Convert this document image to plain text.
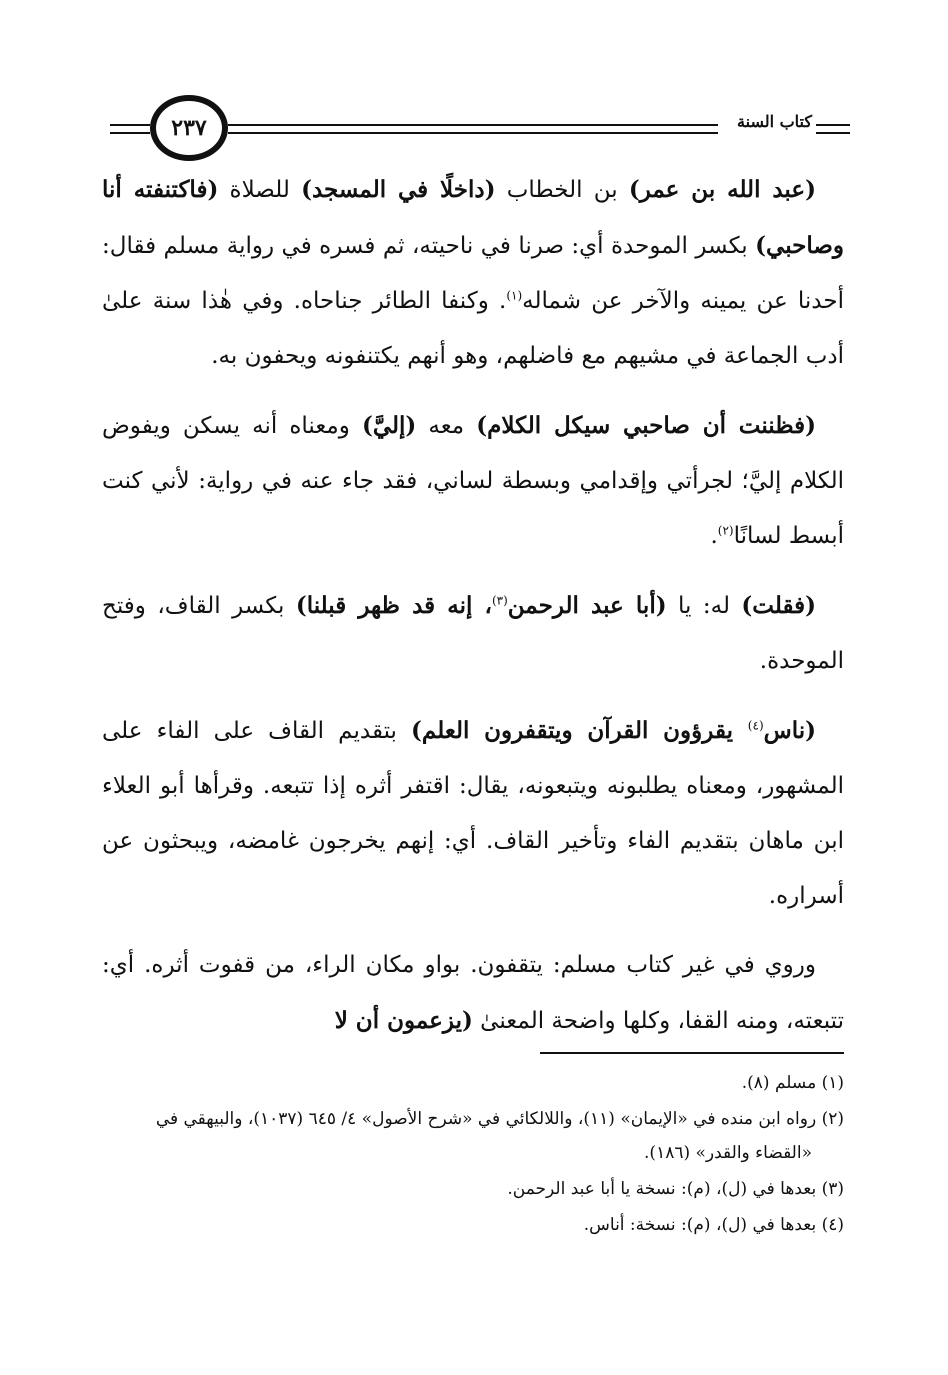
كتاب السنة
٢٣٧

(عبد الله بن عمر) بن الخطاب (داخلًا في المسجد) للصلاة (فاكتنفته أنا وصاحبي) بكسر الموحدة أي: صرنا في ناحيته، ثم فسره في رواية مسلم فقال: أحدنا عن يمينه والآخر عن شماله$^{(١)}$. وكنفا الطائر جناحاه. وفي هٰذا سنة علىٰ أدب الجماعة في مشيهم مع فاضلهم، وهو أنهم يكتنفونه ويحفون به.

(فظننت أن صاحبي سيكل الكلام) معه (إليَّ) ومعناه أنه يسكن ويفوض الكلام إليَّ؛ لجرأتي وإقدامي وبسطة لساني، فقد جاء عنه في رواية: لأني كنت أبسط لسانًا$^{(٢)}$.

(فقلت) له: يا (أبا عبد الرحمن$^{(٣)}$، إنه قد ظهر قبلنا) بكسر القاف، وفتح الموحدة.

(ناس$^{(٤)}$ يقرؤون القرآن ويتقفرون العلم) بتقديم القاف على الفاء على المشهور، ومعناه يطلبونه ويتبعونه، يقال: اقتفر أثره إذا تتبعه. وقرأها أبو العلاء ابن ماهان بتقديم الفاء وتأخير القاف. أي: إنهم يخرجون غامضه، ويبحثون عن أسراره.

وروي في غير كتاب مسلم: يتقفون. بواو مكان الراء، من قفوت أثره. أي: تتبعته، ومنه القفا، وكلها واضحة المعنىٰ (يزعمون أن لا

(١) مسلم (٨).

(٢) رواه ابن منده في «الإيمان» (١١)، واللالكائي في «شرح الأصول» ٤/ ٦٤٥ (١٠٣٧)، والبيهقي في «القضاء والقدر» (١٨٦).

(٣) بعدها في (ل)، (م): نسخة يا أبا عبد الرحمن.

(٤) بعدها في (ل)، (م): نسخة: أناس.
